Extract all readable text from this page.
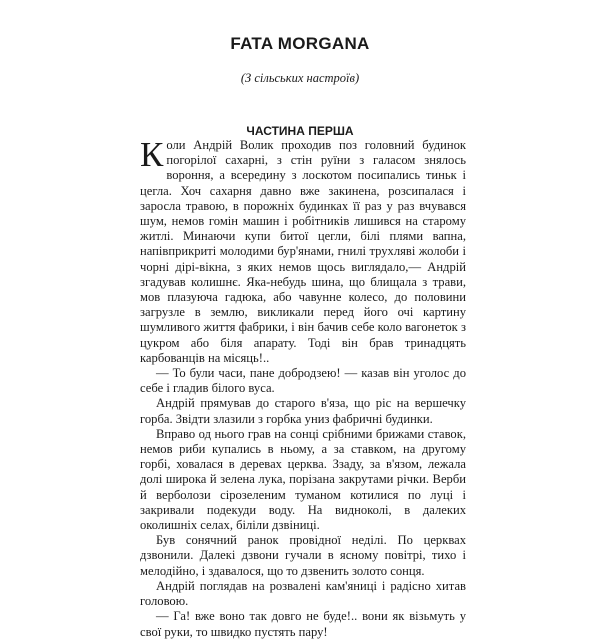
FATA MORGANA
(З сільських настроїв)
ЧАСТИНА ПЕРША

Коли Андрій Волик проходив поз головний будинок погорілої сахарні, з стін руїни з галасом знялось вороння, а всередину з лоскотом посипались тиньк і цегла. Хоч сахарня давно вже закинена, розсипалася і заросла травою, в порожніх будинках її раз у раз вчувався шум, немов гомін машин і робітників лишився на старому житлі. Минаючи купи битої цегли, білі плями вапна, напівприкриті молодими бур'янами, гнилі трухляві жолоби і чорні дірі-вікна, з яких немов щось виглядало,— Андрій згадував колишнє. Яка-небудь шина, що блищала з трави, мов плазуюча гадюка, або чавунне колесо, до половини загрузле в землю, викликали перед його очі картину шумливого життя фабрики, і він бачив себе коло вагонеток з цукром або біля апарату. Тоді він брав тринадцять карбованців на місяць!..

— То були часи, пане добродзею! — казав він уголос до себе і гладив білого вуса.

Андрій прямував до старого в'яза, що ріс на вершечку горба. Звідти злазили з горбка униз фабричні будинки.

Вправо од нього грав на сонці срібними брижами ставок, немов риби купались в ньому, а за ставком, на другому горбі, ховалася в деревах церква. Ззаду, за в'язом, лежала долі широка й зелена лука, порізана закрутами річки. Верби й верболози сірозеленим туманом котилися по луці і закривали подекуди воду. На видноколі, в далеких околишніх селах, біліли дзвіниці.

Був сонячний ранок провідної неділі. По церквах дзвонили. Далекі дзвони гучали в ясному повітрі, тихо і мелодійно, і здавалося, що то дзвенить золото сонця.

Андрій поглядав на розвалені кам'яниці і радісно хитав головою.

— Га! вже воно так довго не буде!.. вони як візьмуть у свої руки, то швидко пустять пару!
